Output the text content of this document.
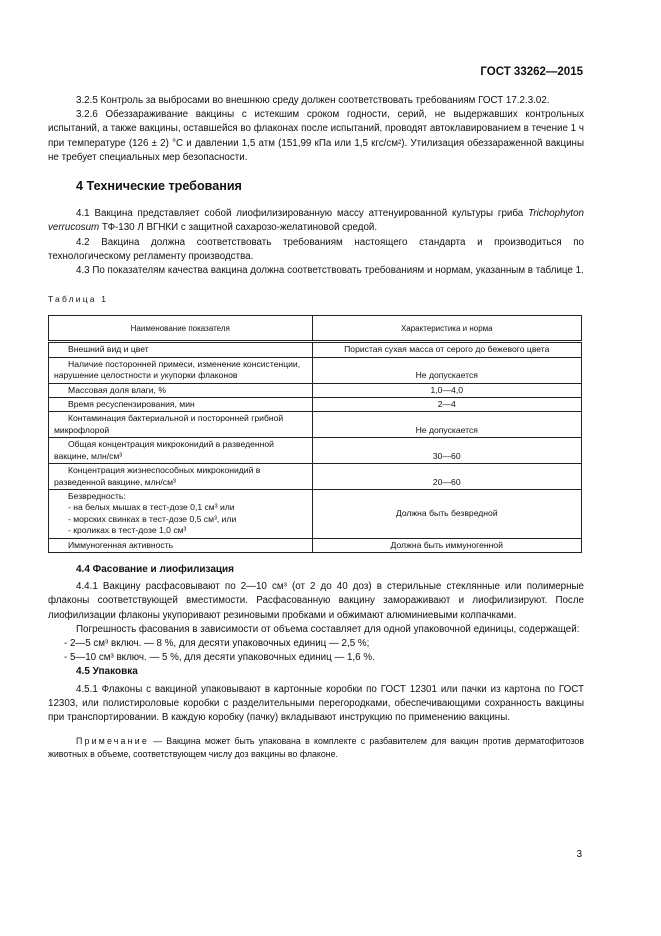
ГОСТ 33262—2015

3.2.5 Контроль за выбросами во внешнюю среду должен соответствовать требованиям ГОСТ 17.2.3.02.

3.2.6 Обеззараживание вакцины с истекшим сроком годности, серий, не выдержавших контрольных испытаний, а также вакцины, оставшейся во флаконах после испытаний, проводят автоклавированием в течение 1 ч при температуре (126 ± 2) °С и давлении 1,5 атм (151,99 кПа или 1,5 кгс/см²). Утилизация обеззараженной вакцины не требует специальных мер безопасности.

4 Технические требования

4.1 Вакцина представляет собой лиофилизированную массу аттенуированной культуры гриба Trichophyton verrucosum ТФ-130 Л ВГНКИ с защитной сахарозо-желатиновой средой.

4.2 Вакцина должна соответствовать требованиям настоящего стандарта и производиться по технологическому регламенту производства.

4.3 По показателям качества вакцина должна соответствовать требованиям и нормам, указанным в таблице 1.

Таблица 1
Наименование показателя	Характеристика и норма
Внешний вид и цвет	Пористая сухая масса от серого до бежевого цвета
Наличие посторонней примеси, изменение консистенции, нарушение целостности и укупорки флаконов	Не допускается
Массовая доля влаги, %	1,0—4,0
Время ресуспензирования, мин	2—4
Контаминация бактериальной и посторонней грибной микрофлорой	Не допускается
Общая концентрация микроконидий в разведенной вакцине, млн/см³	30—60
Концентрация жизнеспособных микроконидий в разведенной вакцине, млн/см³	20—60

Безвредность:
- на белых мышах в тест-дозе 0,1 см³ или
- морских свинках в тест-дозе 0,5 см³, или
- кроликах в тест-дозе 1,0 см³	Должна быть безвредной
Иммуногенная активность	Должна быть иммуногенной
4.4 Фасование и лиофилизация

4.4.1 Вакцину расфасовывают по 2—10 см³ (от 2 до 40 доз) в стерильные стеклянные или полимерные флаконы соответствующей вместимости. Расфасованную вакцину замораживают и лиофилизируют. После лиофилизации флаконы укупоривают резиновыми пробками и обжимают алюминиевыми колпачками.

Погрешность фасования в зависимости от объема составляет для одной упаковочной единицы, содержащей:

- 2—5 см³ включ. — 8 %, для десяти упаковочных единиц — 2,5 %;
- 5—10 см³ включ. — 5 %, для десяти упаковочных единиц — 1,6 %.
4.5 Упаковка

4.5.1 Флаконы с вакциной упаковывают в картонные коробки по ГОСТ 12301 или пачки из картона по ГОСТ 12303, или полистироловые коробки с разделительными перегородками, обеспечивающими сохранность вакцины при транспортировании. В каждую коробку (пачку) вкладывают инструкцию по применению вакцины.

Примечание — Вакцина может быть упакована в комплекте с разбавителем для вакцин против дерматофитозов животных в объеме, соответствующем числу доз вакцины во флаконе.
3
